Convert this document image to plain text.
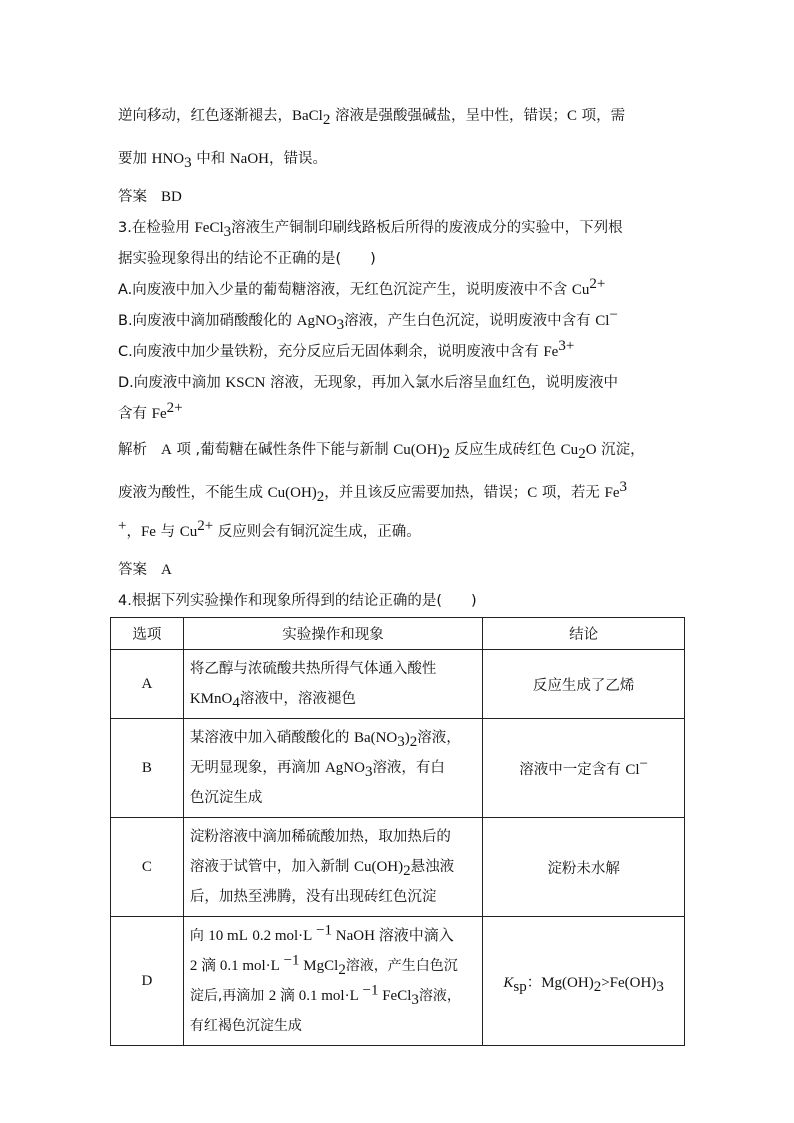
逆向移动，红色逐渐褪去，BaCl$_2$ 溶液是强酸强碱盐，呈中性，错误；C 项，需
要加 $HNO_3$ 中和 NaOH，错误。
答案 BD
3.在检验用 FeCl$_3$溶液生产铜制印刷线路板后所得的废液成分的实验中，下列根
据实验现象得出的结论不正确的是(　　)
A.向废液中加入少量的葡萄糖溶液，无红色沉淀产生，说明废液中不含 $Cu^{2+}$
B.向废液中滴加硝酸酸化的 AgNO$_3$溶液，产生白色沉淀，说明废液中含有 Cl−
C.向废液中加少量铁粉，充分反应后无固体剩余，说明废液中含有 $Fe^{3+}$
D.向废液中滴加 KSCN 溶液，无现象，再加入氯水后溶呈血红色，说明废液中
含有 $Fe^{2+}$
解析 A 项 ,葡萄糖在碱性条件下能与新制 $Cu(OH)_2$ 反应生成砖红色 $Cu_2O$ 沉淀，
废液为酸性，不能生成 $Cu(OH)_2$，并且该反应需要加热，错误；C 项，若无 Fe$^3$
+，Fe 与 $Cu^{2+}$ 反应则会有铜沉淀生成，正确。
答案 A
4.根据下列实验操作和现象所得到的结论正确的是(　　)
选项	实验操作和现象	结论
A	将乙醇与浓硫酸共热所得气体通入酸性
KMnO$_4$溶液中，溶液褪色	反应生成了乙烯
B	某溶液中加入硝酸酸化的 $Ba(NO_3)_2$溶液，
无明显现象，再滴加 AgNO$_3$溶液，有白
色沉淀生成	溶液中一定含有 Cl−
C	淀粉溶液中滴加稀硫酸加热，取加热后的
溶液于试管中，加入新制 $Cu(OH)_2$悬浊液
后，加热至沸腾，没有出现砖红色沉淀	淀粉未水解
D	向 10 mL 0.2 mol·L $^{-1}$ NaOH 溶液中滴入
2 滴 0.1 mol·L $^{-1}$ MgCl$_2$溶液，产生白色沉
淀后,再滴加 2 滴 0.1 mol·L $^{-1}$ FeCl$_3$溶液，
有红褐色沉淀生成	$K_{sp}$：$Mg(OH)_2>Fe(OH)_3$
